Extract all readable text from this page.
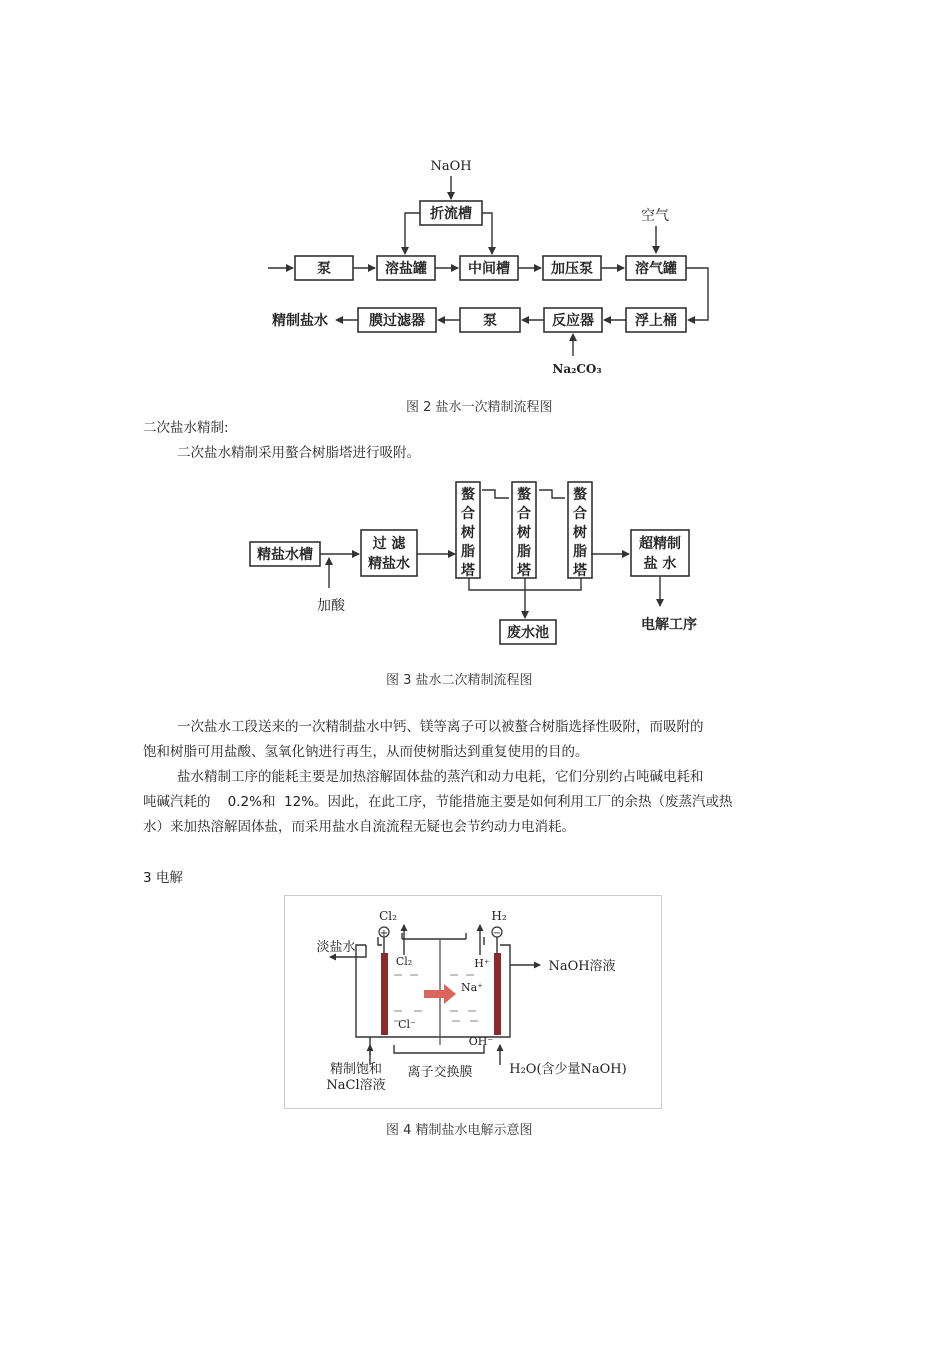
NaOH
折流槽	空气
泵	溶盐罐	中间槽	加压泵	溶气罐
浮上桶
反应器
泵
膜过滤器
精制盐水
Na₂CO₃
图 2 盐水一次精制流程图
二次盐水精制:
二次盐水精制采用螯合树脂塔进行吸附。
精盐水槽
加酸
过 滤
精盐水
螯
合
树
脂
塔
螯
合
树
脂
塔
螯
合
树
脂
塔
废水池
超精制
盐 水
电解工序
图 3 盐水二次精制流程图
一次盐水工段送来的一次精制盐水中钙、镁等离子可以被螯合树脂选择性吸附，而吸附的
饱和树脂可用盐酸、氢氧化钠进行再生，从而使树脂达到重复使用的目的。
盐水精制工序的能耗主要是加热溶解固体盐的蒸汽和动力电耗，它们分别约占吨碱电耗和
吨碱汽耗的    0.2%和  12%。因此，在此工序，节能措施主要是如何利用工厂的余热（废蒸汽或热
水）来加热溶解固体盐，而采用盐水自流流程无疑也会节约动力电消耗。
3 电解
+	−
Cl₂	H₂
淡盐水
NaOH溶液
Cl₂	H⁺
Na⁺
Cl⁻
OH⁻
精制饱和
NaCl溶液
离子交换膜	H₂O(含少量NaOH)
图 4 精制盐水电解示意图
